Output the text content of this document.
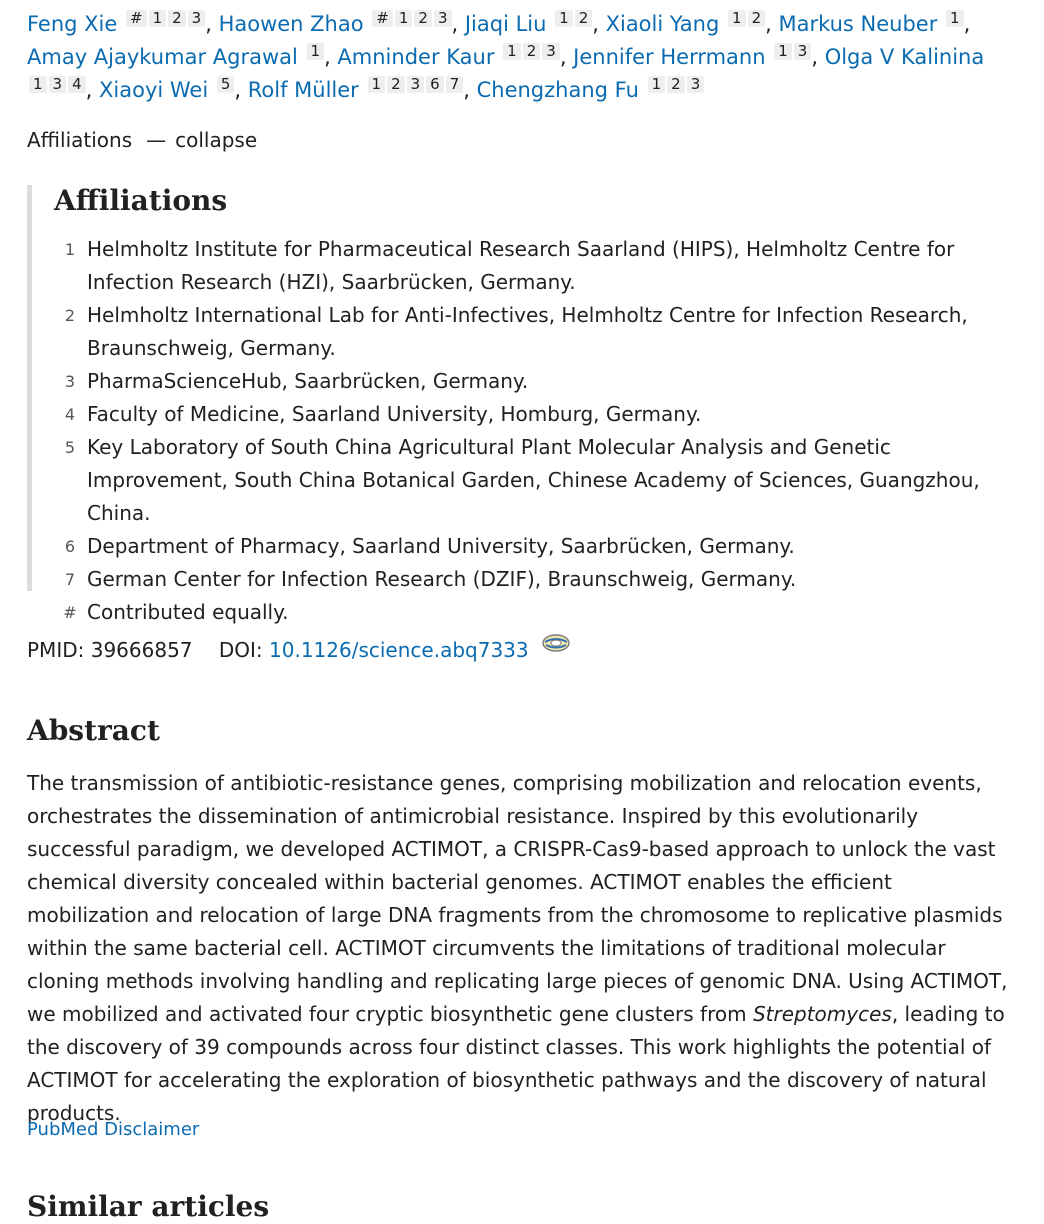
Feng Xie # 1 2 3 , Haowen Zhao # 1 2 3 , Jiaqi Liu 1 2 , Xiaoli Yang 1 2 , Markus Neuber 1 , Amay Ajaykumar Agrawal 1 , Amninder Kaur 1 2 3 , Jennifer Herrmann 1 3 , Olga V Kalinina 1 3 4 , Xiaoyi Wei 5 , Rolf Müller 1 2 3 6 7 , Chengzhang Fu 1 2 3
Affiliations — collapse
Affiliations
1 Helmholtz Institute for Pharmaceutical Research Saarland (HIPS), Helmholtz Centre for Infection Research (HZI), Saarbrücken, Germany.
2 Helmholtz International Lab for Anti-Infectives, Helmholtz Centre for Infection Research, Braunschweig, Germany.
3 PharmaScienceHub, Saarbrücken, Germany.
4 Faculty of Medicine, Saarland University, Homburg, Germany.
5 Key Laboratory of South China Agricultural Plant Molecular Analysis and Genetic Improvement, South China Botanical Garden, Chinese Academy of Sciences, Guangzhou, China.
6 Department of Pharmacy, Saarland University, Saarbrücken, Germany.
7 German Center for Infection Research (DZIF), Braunschweig, Germany.
# Contributed equally.
PMID: 39666857 DOI: 10.1126/science.abq7333
Abstract

The transmission of antibiotic-resistance genes, comprising mobilization and relocation events, orchestrates the dissemination of antimicrobial resistance. Inspired by this evolutionarily successful paradigm, we developed ACTIMOT, a CRISPR-Cas9-based approach to unlock the vast chemical diversity concealed within bacterial genomes. ACTIMOT enables the efficient mobilization and relocation of large DNA fragments from the chromosome to replicative plasmids within the same bacterial cell. ACTIMOT circumvents the limitations of traditional molecular cloning methods involving handling and replicating large pieces of genomic DNA. Using ACTIMOT, we mobilized and activated four cryptic biosynthetic gene clusters from Streptomyces, leading to the discovery of 39 compounds across four distinct classes. This work highlights the potential of ACTIMOT for accelerating the exploration of biosynthetic pathways and the discovery of natural products.

PubMed Disclaimer
Similar articles
